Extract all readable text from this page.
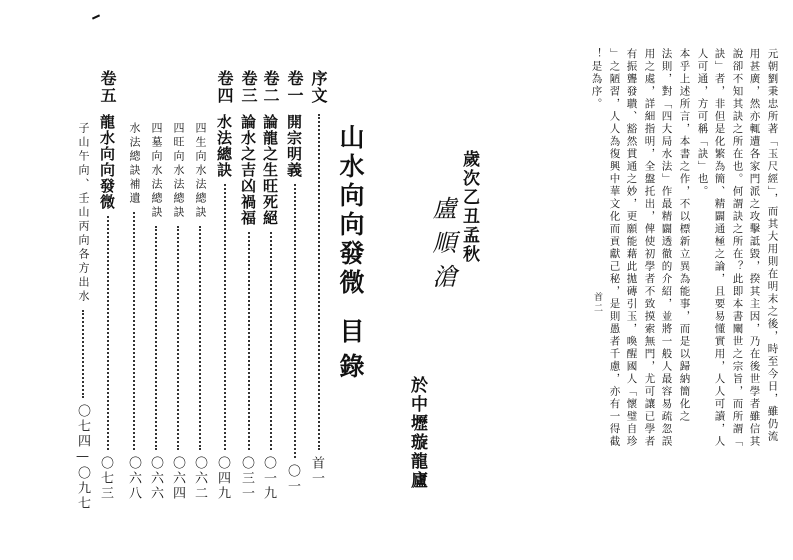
山水向向發微
目錄
序文
首一
卷一
開宗明義
〇一
卷二
論龍之生旺死絕
〇一九
卷三
論水之吉凶禍福
〇三一
卷四
水法總訣
〇四九
四生向水法總訣
〇六二
四旺向水法總訣
〇六四
四墓向水法總訣
〇六六
水法總訣補遺
〇六八
卷五
龍水向向發微
〇七三
子山午向、壬山丙向各方出水
〇七四—〇九七
元朝劉秉忠所著「玉尺經」，而其大用則在明末之後，時至今日，雖仍流
用甚廣，然亦輒遭各家門派之攻擊詆毀，揆其主因，乃在後世學者雖信其
說卻不知其訣之所在也。何謂訣之所在？此即本書闡世之宗旨，而所謂「
訣」者，非但是化繁為簡、精闢通極之論，且要易懂實用，人人可讀，人
人可通，方可稱「訣」也。
本乎上述所言，本書之作，不以標新立異為能事，而是以歸納簡化之
法則，對「四大局水法」作最精闢透徹的介紹，並將一般人最容易疏忽誤
用之處，詳細指明，全盤托出，俾使初學者不致摸索無門，尤可讓已學者
有振聾發聵、豁然貫通之妙，更願能藉此拋磚引玉，喚醒國人「懷璧自珍
」之陋習，人人為復興中華文化而貢獻己秘，是則愚者千慮，亦有一得截
！是為序。
首二
歲次乙丑孟秋
盧順滄
於中壢璇龍廬
